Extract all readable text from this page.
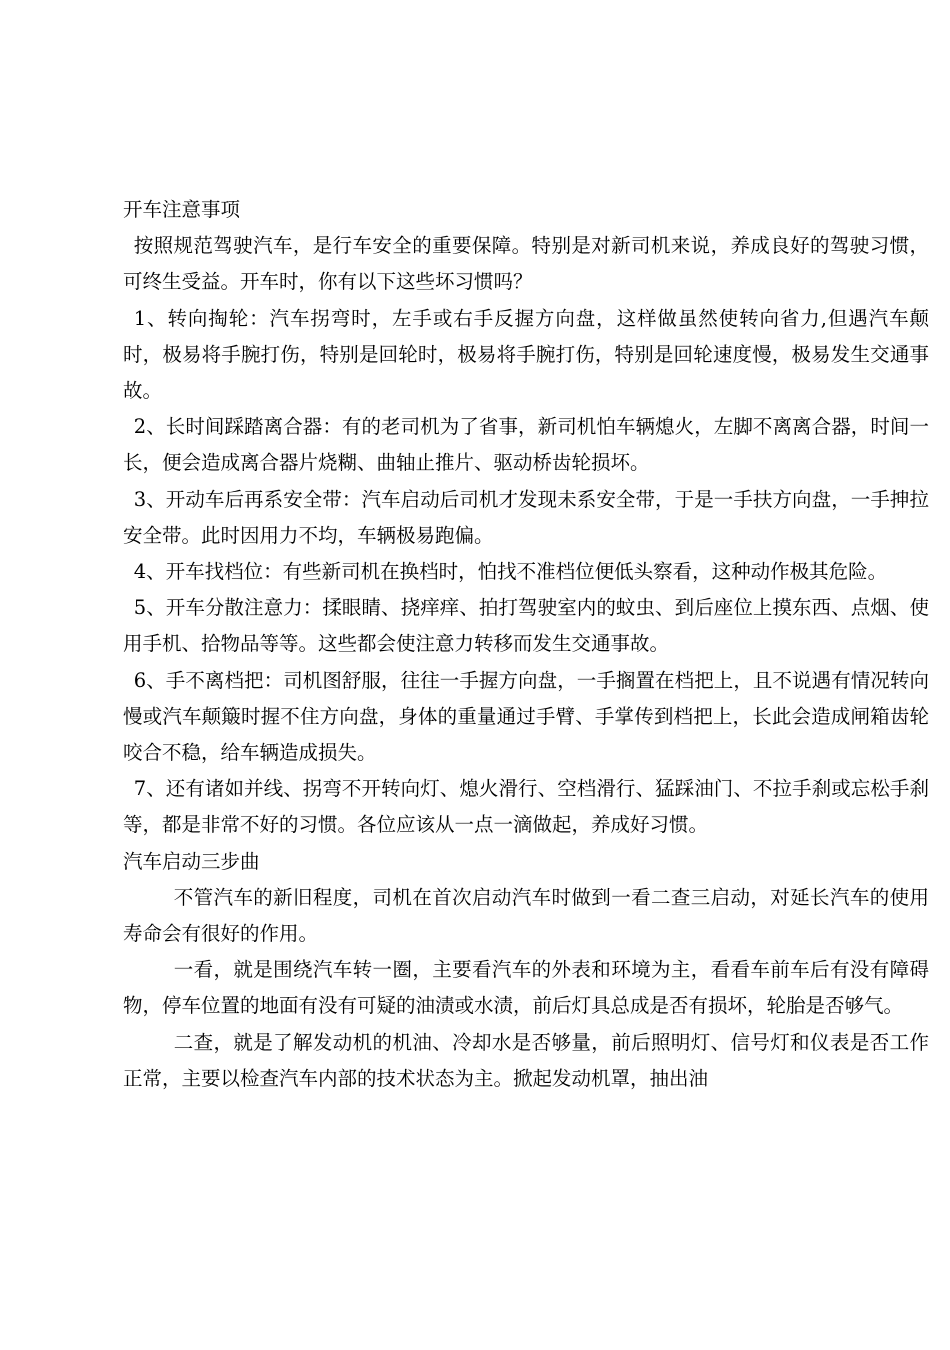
开车注意事项

按照规范驾驶汽车，是行车安全的重要保障。特别是对新司机来说，养成良好的驾驶习惯，可终生受益。开车时，你有以下这些坏习惯吗？

1、转向掏轮：汽车拐弯时，左手或右手反握方向盘，这样做虽然使转向省力,但遇汽车颠时，极易将手腕打伤，特别是回轮时，极易将手腕打伤，特别是回轮速度慢，极易发生交通事故。

2、长时间踩踏离合器：有的老司机为了省事，新司机怕车辆熄火，左脚不离离合器，时间一长，便会造成离合器片烧糊、曲轴止推片、驱动桥齿轮损坏。

3、开动车后再系安全带：汽车启动后司机才发现未系安全带，于是一手扶方向盘，一手抻拉安全带。此时因用力不均，车辆极易跑偏。

4、开车找档位：有些新司机在换档时，怕找不准档位便低头察看，这种动作极其危险。

5、开车分散注意力：揉眼睛、挠痒痒、拍打驾驶室内的蚊虫、到后座位上摸东西、点烟、使用手机、拾物品等等。这些都会使注意力转移而发生交通事故。

6、手不离档把：司机图舒服，往往一手握方向盘，一手搁置在档把上，且不说遇有情况转向慢或汽车颠簸时握不住方向盘，身体的重量通过手臂、手掌传到档把上，长此会造成闸箱齿轮咬合不稳，给车辆造成损失。

7、还有诸如并线、拐弯不开转向灯、熄火滑行、空档滑行、猛踩油门、不拉手刹或忘松手刹等，都是非常不好的习惯。各位应该从一点一滴做起，养成好习惯。

汽车启动三步曲

不管汽车的新旧程度，司机在首次启动汽车时做到一看二查三启动，对延长汽车的使用寿命会有很好的作用。

一看，就是围绕汽车转一圈，主要看汽车的外表和环境为主，看看车前车后有没有障碍物，停车位置的地面有没有可疑的油渍或水渍，前后灯具总成是否有损坏，轮胎是否够气。

二查，就是了解发动机的机油、冷却水是否够量，前后照明灯、信号灯和仪表是否工作正常，主要以检查汽车内部的技术状态为主。掀起发动机罩，抽出油
